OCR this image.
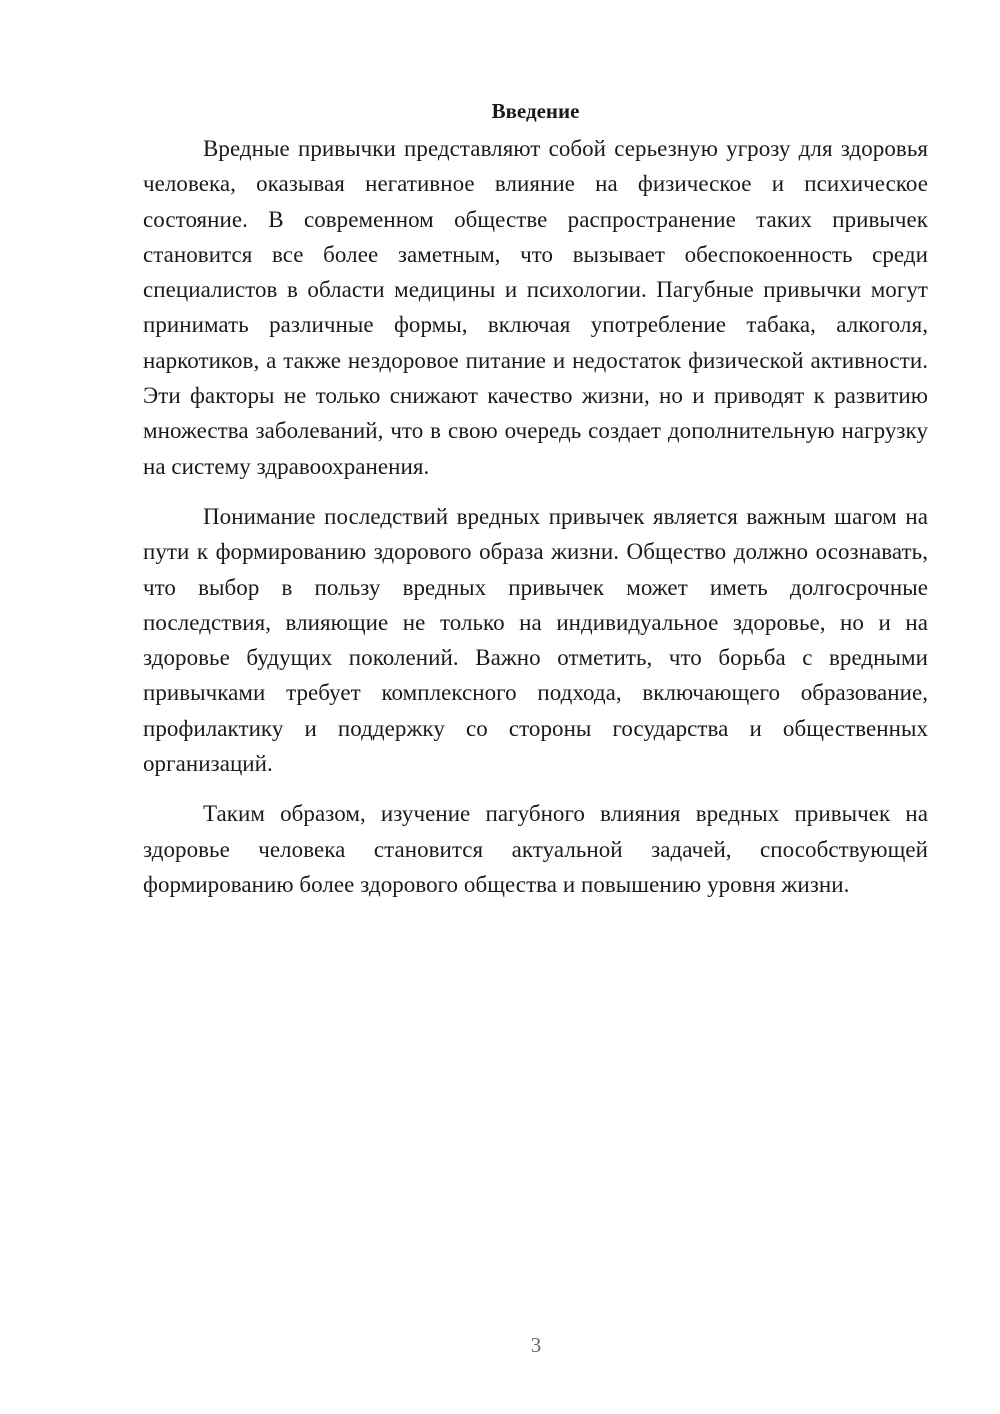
Введение

Вредные привычки представляют собой серьезную угрозу для здоровья человека, оказывая негативное влияние на физическое и психическое состояние. В современном обществе распространение таких привычек становится все более заметным, что вызывает обеспокоенность среди специалистов в области медицины и психологии. Пагубные привычки могут принимать различные формы, включая употребление табака, алкоголя, наркотиков, а также нездоровое питание и недостаток физической активности. Эти факторы не только снижают качество жизни, но и приводят к развитию множества заболеваний, что в свою очередь создает дополнительную нагрузку на систему здравоохранения.

Понимание последствий вредных привычек является важным шагом на пути к формированию здорового образа жизни. Общество должно осознавать, что выбор в пользу вредных привычек может иметь долгосрочные последствия, влияющие не только на индивидуальное здоровье, но и на здоровье будущих поколений. Важно отметить, что борьба с вредными привычками требует комплексного подхода, включающего образование, профилактику и поддержку со стороны государства и общественных организаций.

Таким образом, изучение пагубного влияния вредных привычек на здоровье человека становится актуальной задачей, способствующей формированию более здорового общества и повышению уровня жизни.

3
